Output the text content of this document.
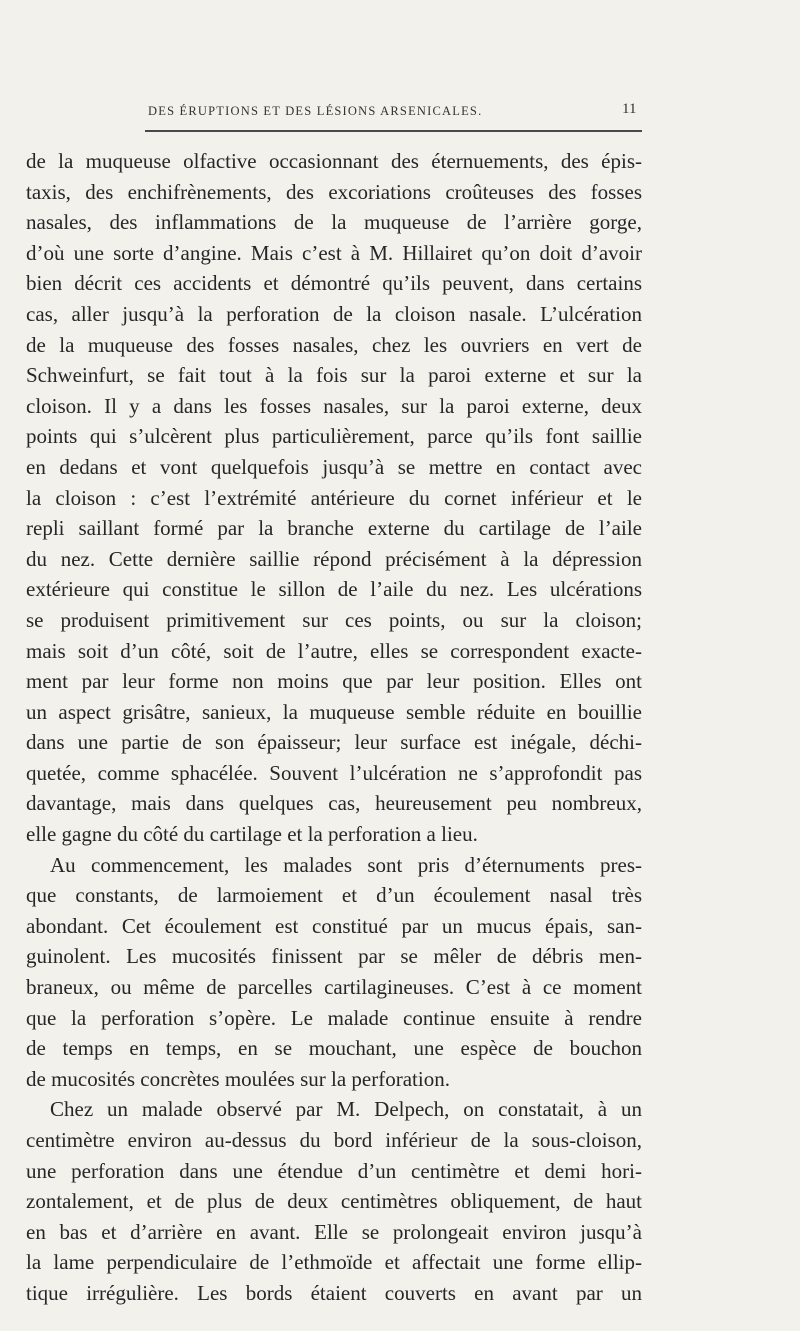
DES ÉRUPTIONS ET DES LÉSIONS ARSENICALES.	11
de la muqueuse olfactive occasionnant des éternuements, des épis-
taxis, des enchifrènements, des excoriations croûteuses des fosses
nasales, des inflammations de la muqueuse de l’arrière gorge,
d’où une sorte d’angine. Mais c’est à M. Hillairet qu’on doit d’avoir
bien décrit ces accidents et démontré qu’ils peuvent, dans certains
cas, aller jusqu’à la perforation de la cloison nasale. L’ulcération
de la muqueuse des fosses nasales, chez les ouvriers en vert de
Schweinfurt, se fait tout à la fois sur la paroi externe et sur la
cloison. Il y a dans les fosses nasales, sur la paroi externe, deux
points qui s’ulcèrent plus particulièrement, parce qu’ils font saillie
en dedans et vont quelquefois jusqu’à se mettre en contact avec
la cloison : c’est l’extrémité antérieure du cornet inférieur et le
repli saillant formé par la branche externe du cartilage de l’aile
du nez. Cette dernière saillie répond précisément à la dépression
extérieure qui constitue le sillon de l’aile du nez. Les ulcérations
se produisent primitivement sur ces points, ou sur la cloison;
mais soit d’un côté, soit de l’autre, elles se correspondent exacte-
ment par leur forme non moins que par leur position. Elles ont
un aspect grisâtre, sanieux, la muqueuse semble réduite en bouillie
dans une partie de son épaisseur; leur surface est inégale, déchi-
quetée, comme sphacélée. Souvent l’ulcération ne s’approfondit pas
davantage, mais dans quelques cas, heureusement peu nombreux,
elle gagne du côté du cartilage et la perforation a lieu.
Au commencement, les malades sont pris d’éternuments pres-
que constants, de larmoiement et d’un écoulement nasal très
abondant. Cet écoulement est constitué par un mucus épais, san-
guinolent. Les mucosités finissent par se mêler de débris men-
braneux, ou même de parcelles cartilagineuses. C’est à ce moment
que la perforation s’opère. Le malade continue ensuite à rendre
de temps en temps, en se mouchant, une espèce de bouchon
de mucosités concrètes moulées sur la perforation.
Chez un malade observé par M. Delpech, on constatait, à un
centimètre environ au-dessus du bord inférieur de la sous-cloison,
une perforation dans une étendue d’un centimètre et demi hori-
zontalement, et de plus de deux centimètres obliquement, de haut
en bas et d’arrière en avant. Elle se prolongeait environ jusqu’à
la lame perpendiculaire de l’ethmoïde et affectait une forme ellip-
tique irrégulière. Les bords étaient couverts en avant par un
